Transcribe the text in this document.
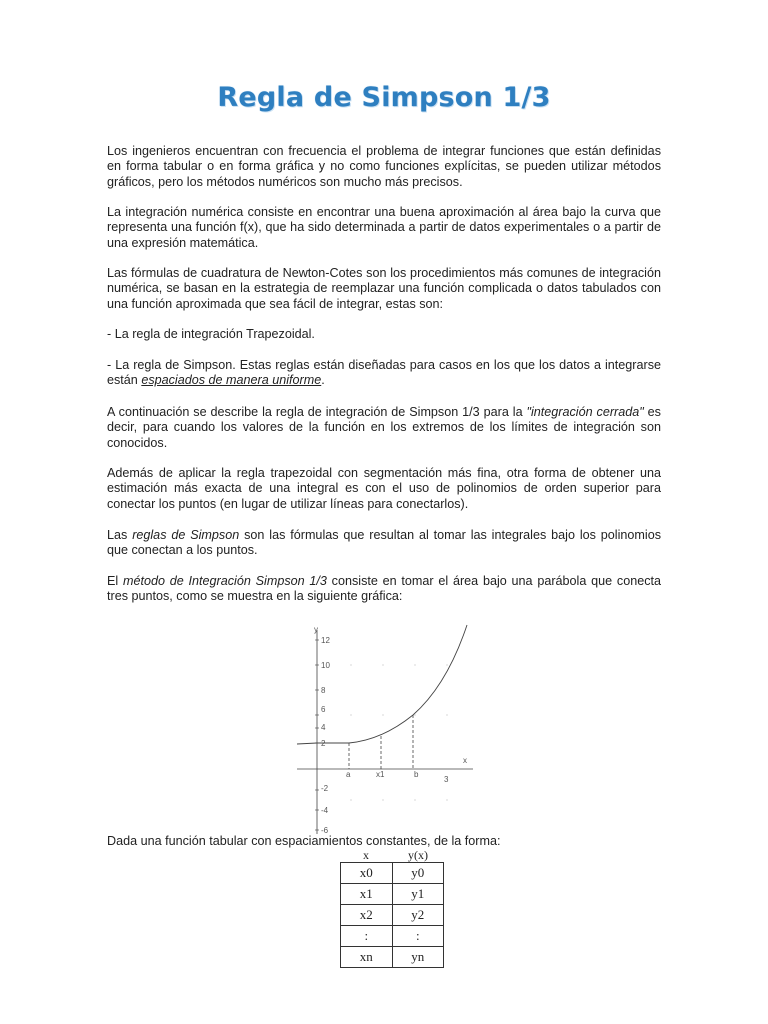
Regla de Simpson 1/3

Los ingenieros encuentran con frecuencia el problema de integrar funciones que están definidas en forma tabular o en forma gráfica y no como funciones explícitas, se pueden utilizar métodos gráficos, pero los métodos numéricos son mucho más precisos.

La integración numérica consiste en encontrar una buena aproximación al área bajo la curva que representa una función f(x), que ha sido determinada a partir de datos experimentales o a partir de una expresión matemática.

Las fórmulas de cuadratura de Newton-Cotes son los procedimientos más comunes de integración numérica, se basan en la estrategia de reemplazar una función complicada o datos tabulados con una función aproximada que sea fácil de integrar, estas son:

- La regla de integración Trapezoidal.

- La regla de Simpson. Estas reglas están diseñadas para casos en los que los datos a integrarse están espaciados de manera uniforme.

A continuación se describe la regla de integración de Simpson 1/3 para la "integración cerrada" es decir, para cuando los valores de la función en los extremos de los límites de integración son conocidos.

Además de aplicar la regla trapezoidal con segmentación más fina, otra forma de obtener una estimación más exacta de una integral es con el uso de polinomios de orden superior para conectar los puntos (en lugar de utilizar líneas para conectarlos).

Las reglas de Simpson son las fórmulas que resultan al tomar las integrales bajo los polinomios que conectan a los puntos.

El método de Integración Simpson 1/3 consiste en tomar el área bajo una parábola que conecta tres puntos, como se muestra en la siguiente gráfica:

y
12
10
8
6
4
2
-2
-4
-6
x
a	x1	b
3

Dada una función tabular con espaciamientos constantes, de la forma:

x	y(x)
x0	y0
x1	y1
x2	y2
:	:
xn	yn
